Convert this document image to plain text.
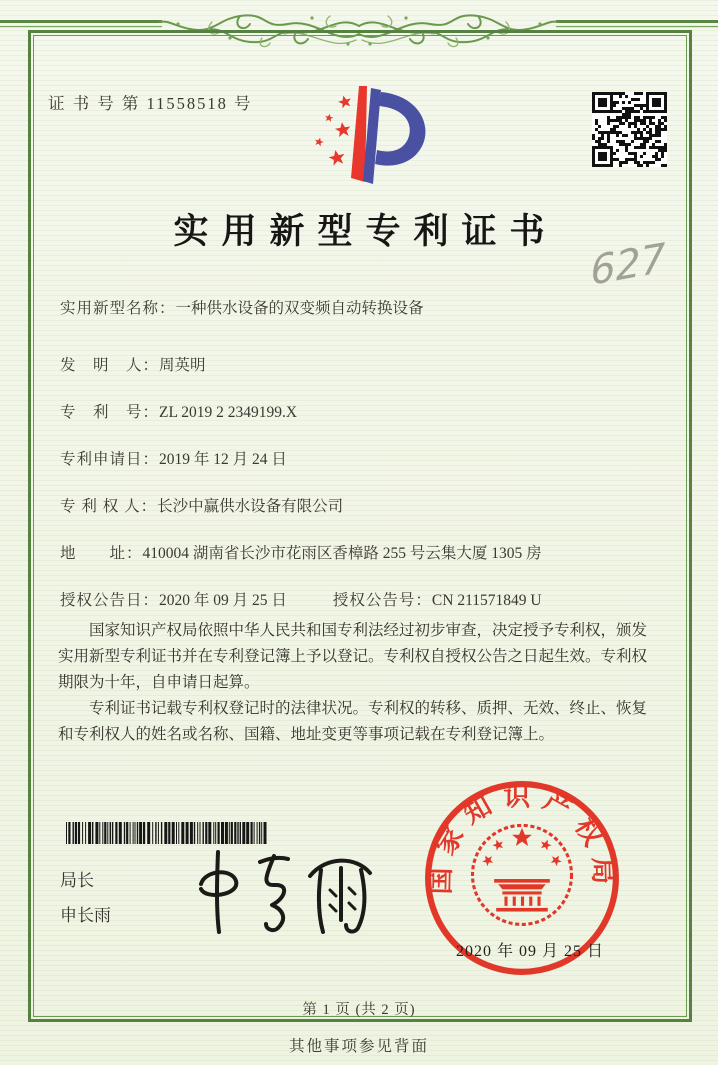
证 书 号 第 11558518 号
实用新型专利证书
627
实用新型名称：一种供水设备的双变频自动转换设备
发　明　人：周英明
专　利　号：ZL 2019 2 2349199.X
专利申请日：2019 年 12 月 24 日
专 利 权 人：长沙中赢供水设备有限公司
地　　址：410004 湖南省长沙市花雨区香樟路 255 号云集大厦 1305 房
授权公告日：2020 年 09 月 25 日	授权公告号：CN 211571849 U

国家知识产权局依照中华人民共和国专利法经过初步审查，决定授予专利权，颁发实用新型专利证书并在专利登记簿上予以登记。专利权自授权公告之日起生效。专利权期限为十年，自申请日起算。

专利证书记载专利权登记时的法律状况。专利权的转移、质押、无效、终止、恢复和专利权人的姓名或名称、国籍、地址变更等事项记载在专利登记簿上。

局长
申长雨
国家知识产权局
2020 年 09 月 25 日
第 1 页 (共 2 页)
其他事项参见背面
